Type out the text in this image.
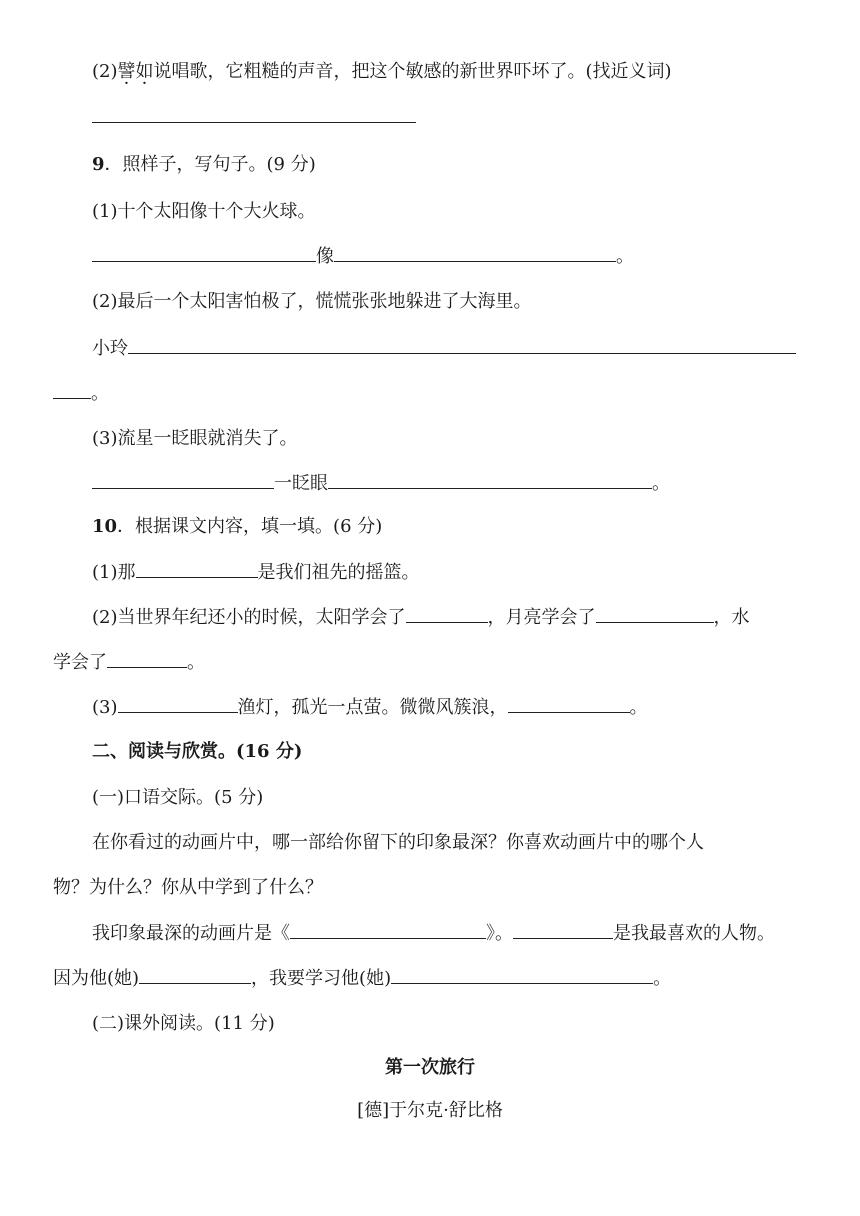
(2)譬如说唱歌，它粗糙的声音，把这个敏感的新世界吓坏了。(找近义词)
9．照样子，写句子。(9 分)
(1)十个太阳像十个大火球。
像	。
(2)最后一个太阳害怕极了，慌慌张张地躲进了大海里。
小玲
。
(3)流星一眨眼就消失了。
一眨眼	。
10．根据课文内容，填一填。(6 分)
(1)那	是我们祖先的摇篮。
(2)当世界年纪还小的时候，太阳学会了	，月亮学会了	，水
学会了	。
(3)	渔灯，孤光一点萤。微微风簇浪，	。
二、阅读与欣赏。(16 分)
(一)口语交际。(5 分)
在你看过的动画片中，哪一部给你留下的印象最深？你喜欢动画片中的哪个人
物？为什么？你从中学到了什么？
我印象最深的动画片是《	》。	是我最喜欢的人物。
因为他(她)	，我要学习他(她)	。
(二)课外阅读。(11 分)
第一次旅行
[德]于尔克·舒比格
